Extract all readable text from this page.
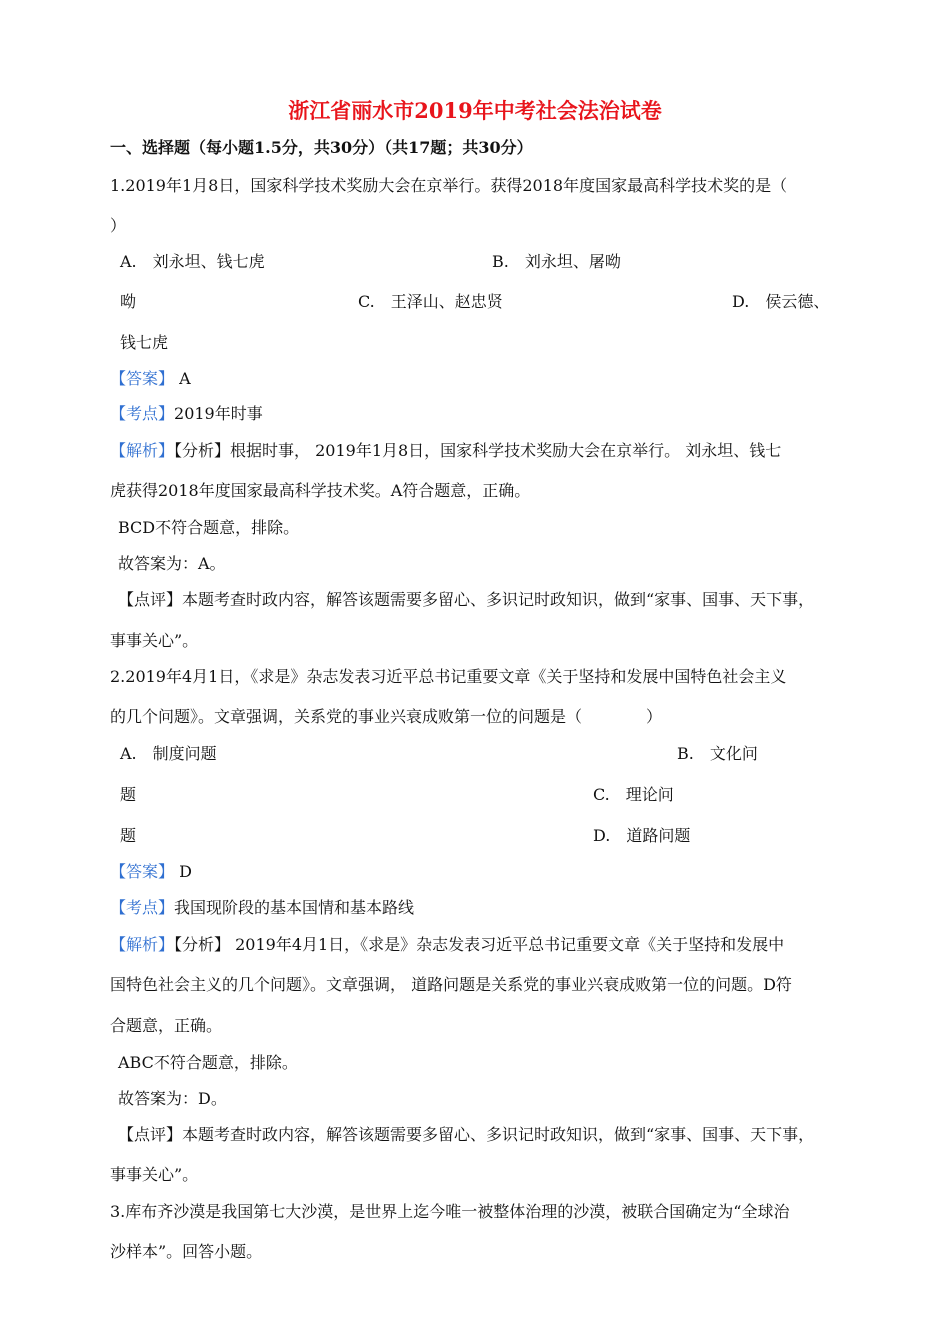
浙江省丽水市2019年中考社会法治试卷
一、选择题（每小题1.5分，共30分）（共17题；共30分）
1.2019年1月8日，国家科学技术奖励大会在京举行。获得2018年度国家最高科学技术奖的是（
）
A.　刘永坦、钱七虎	B.　刘永坦、屠呦
呦	C.　王泽山、赵忠贤	D.　侯云德、
钱七虎
【答案】 A
【考点】2019年时事
【解析】【分析】根据时事， 2019年1月8日，国家科学技术奖励大会在京举行。 刘永坦、钱七
虎获得2018年度国家最高科学技术奖。A符合题意，正确。
BCD不符合题意，排除。
故答案为：A。
【点评】本题考查时政内容，解答该题需要多留心、多识记时政知识，做到“家事、国事、天下事，
事事关心”。
2.2019年4月1日，《求是》杂志发表习近平总书记重要文章《关于坚持和发展中国特色社会主义
的几个问题》。文章强调，关系党的事业兴衰成败第一位的问题是（　　　　）
A.　制度问题	B.　文化问
题	C.　理论问
题	D.　道路问题
【答案】 D
【考点】我国现阶段的基本国情和基本路线
【解析】【分析】 2019年4月1日，《求是》杂志发表习近平总书记重要文章《关于坚持和发展中
国特色社会主义的几个问题》。文章强调， 道路问题是关系党的事业兴衰成败第一位的问题。D符
合题意，正确。
ABC不符合题意，排除。
故答案为：D。
【点评】本题考查时政内容，解答该题需要多留心、多识记时政知识，做到“家事、国事、天下事，
事事关心”。
3.库布齐沙漠是我国第七大沙漠，是世界上迄今唯一被整体治理的沙漠，被联合国确定为“全球治
沙样本”。回答小题。
